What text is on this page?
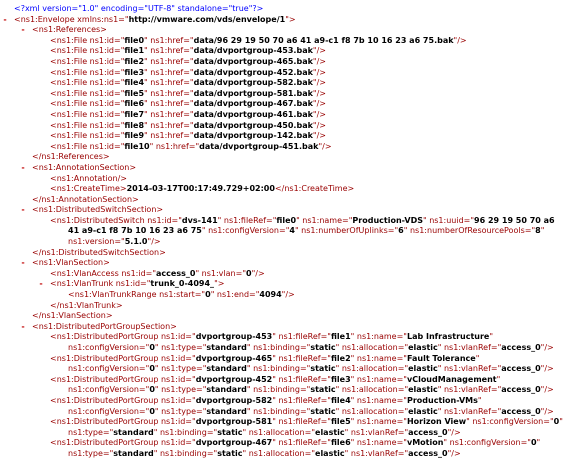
<?xml version="1.0" encoding="UTF-8" standalone="true"?>
- <ns1:Envelope xmlns:ns1="http://vmware.com/vds/envelope/1">
- <ns1:References>
<ns1:File ns1:id="file0" ns1:href="data/96 29 19 50 70 a6 41 a9-c1 f8 7b 10 16 23 a6 75.bak"/>
<ns1:File ns1:id="file1" ns1:href="data/dvportgroup-453.bak"/>
<ns1:File ns1:id="file2" ns1:href="data/dvportgroup-465.bak"/>
<ns1:File ns1:id="file3" ns1:href="data/dvportgroup-452.bak"/>
<ns1:File ns1:id="file4" ns1:href="data/dvportgroup-582.bak"/>
<ns1:File ns1:id="file5" ns1:href="data/dvportgroup-581.bak"/>
<ns1:File ns1:id="file6" ns1:href="data/dvportgroup-467.bak"/>
<ns1:File ns1:id="file7" ns1:href="data/dvportgroup-461.bak"/>
<ns1:File ns1:id="file8" ns1:href="data/dvportgroup-450.bak"/>
<ns1:File ns1:id="file9" ns1:href="data/dvportgroup-142.bak"/>
<ns1:File ns1:id="file10" ns1:href="data/dvportgroup-451.bak"/>
</ns1:References>
- <ns1:AnnotationSection>
<ns1:Annotation/>
<ns1:CreateTime>2014-03-17T00:17:49.729+02:00</ns1:CreateTime>
</ns1:AnnotationSection>
- <ns1:DistributedSwitchSection>
<ns1:DistributedSwitch ns1:id="dvs-141" ns1:fileRef="file0" ns1:name="Production-VDS" ns1:uuid="96 29 19 50 70 a6
41 a9-c1 f8 7b 10 16 23 a6 75" ns1:configVersion="4" ns1:numberOfUplinks="6" ns1:numberOfResourcePools="8"
ns1:version="5.1.0"/>
</ns1:DistributedSwitchSection>
- <ns1:VlanSection>
<ns1:VlanAccess ns1:id="access_0" ns1:vlan="0"/>
- <ns1:VlanTrunk ns1:id="trunk_0-4094_">
<ns1:VlanTrunkRange ns1:start="0" ns1:end="4094"/>
</ns1:VlanTrunk>
</ns1:VlanSection>
- <ns1:DistributedPortGroupSection>
<ns1:DistributedPortGroup ns1:id="dvportgroup-453" ns1:fileRef="file1" ns1:name="Lab Infrastructure"
ns1:configVersion="0" ns1:type="standard" ns1:binding="static" ns1:allocation="elastic" ns1:vlanRef="access_0"/>
<ns1:DistributedPortGroup ns1:id="dvportgroup-465" ns1:fileRef="file2" ns1:name="Fault Tolerance"
ns1:configVersion="0" ns1:type="standard" ns1:binding="static" ns1:allocation="elastic" ns1:vlanRef="access_0"/>
<ns1:DistributedPortGroup ns1:id="dvportgroup-452" ns1:fileRef="file3" ns1:name="vCloudManagement"
ns1:configVersion="0" ns1:type="standard" ns1:binding="static" ns1:allocation="elastic" ns1:vlanRef="access_0"/>
<ns1:DistributedPortGroup ns1:id="dvportgroup-582" ns1:fileRef="file4" ns1:name="Production-VMs"
ns1:configVersion="0" ns1:type="standard" ns1:binding="static" ns1:allocation="elastic" ns1:vlanRef="access_0"/>
<ns1:DistributedPortGroup ns1:id="dvportgroup-581" ns1:fileRef="file5" ns1:name="Horizon View" ns1:configVersion="0"
ns1:type="standard" ns1:binding="static" ns1:allocation="elastic" ns1:vlanRef="access_0"/>
<ns1:DistributedPortGroup ns1:id="dvportgroup-467" ns1:fileRef="file6" ns1:name="vMotion" ns1:configVersion="0"
ns1:type="standard" ns1:binding="static" ns1:allocation="elastic" ns1:vlanRef="access_0"/>
